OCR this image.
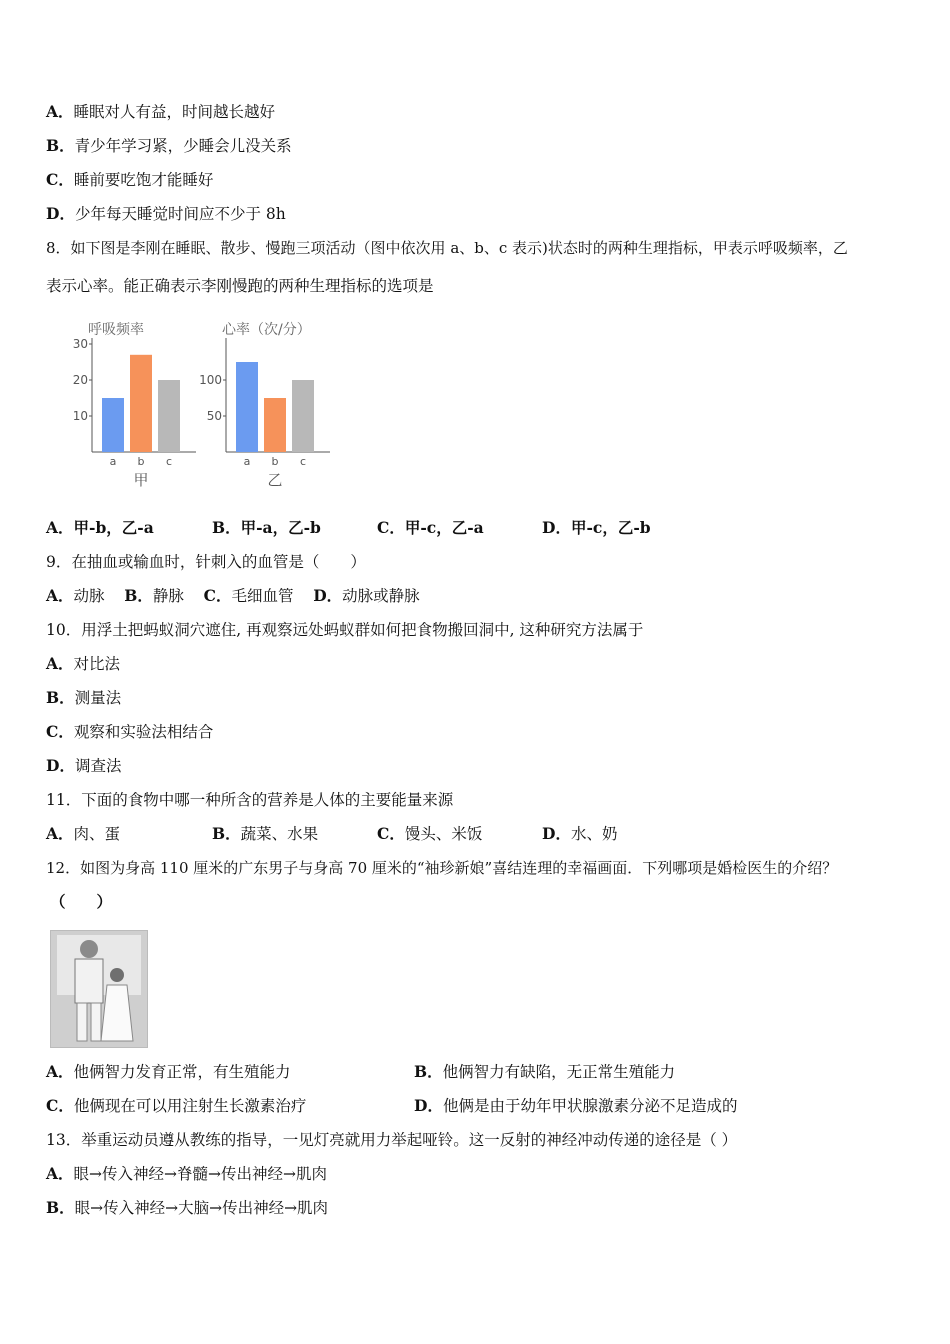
A．睡眠对人有益，时间越长越好
B．青少年学习紧，少睡会儿没关系
C．睡前要吃饱才能睡好
D．少年每天睡觉时间应不少于 8h
8．如下图是李刚在睡眠、散步、慢跑三项活动（图中依次用 a、b、c 表示)状态时的两种生理指标，甲表示呼吸频率，乙
表示心率。能正确表示李刚慢跑的两种生理指标的选项是
呼吸频率
10
20
30
a b c
甲
心率（次/分）
50
100
a b c
乙
A．甲-b，乙-a	B．甲-a，乙-b	C．甲-c，乙-a	D．甲-c，乙-b
9．在抽血或输血时，针刺入的血管是（　　）
A．动脉 B．静脉 C．毛细血管 D．动脉或静脉
10．用浮土把蚂蚁洞穴遮住, 再观察远处蚂蚁群如何把食物搬回洞中, 这种研究方法属于
A．对比法
B．测量法
C．观察和实验法相结合
D．调查法
11．下面的食物中哪一种所含的营养是人体的主要能量来源
A．肉、蛋	B．蔬菜、水果	C．馒头、米饭	D．水、奶
12．如图为身高 110 厘米的广东男子与身高 70 厘米的“袖珍新娘”喜结连理的幸福画面．下列哪项是婚检医生的介绍？
（　　）
A．他俩智力发育正常，有生殖能力	B．他俩智力有缺陷，无正常生殖能力
C．他俩现在可以用注射生长激素治疗	D．他俩是由于幼年甲状腺激素分泌不足造成的
13．举重运动员遵从教练的指导，一见灯亮就用力举起哑铃。这一反射的神经冲动传递的途径是（ ）
A．眼→传入神经→脊髓→传出神经→肌肉
B．眼→传入神经→大脑→传出神经→肌肉
